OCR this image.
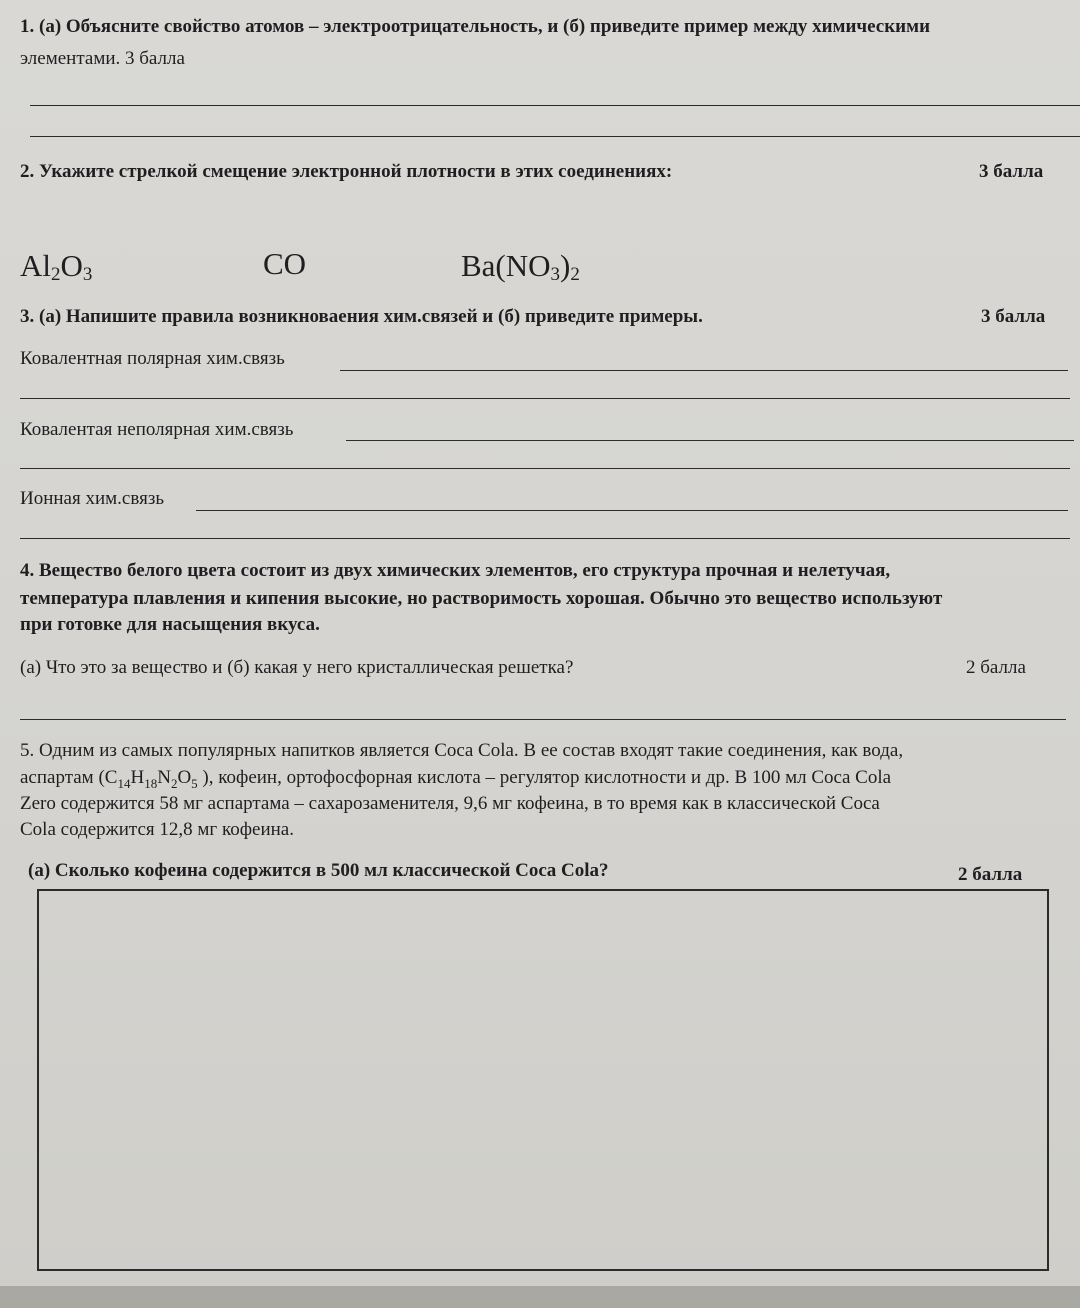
1. (а) Объясните свойство атомов – электроотрицательность, и (б) приведите пример между химическими
элементами. 3 балла
2. Укажите стрелкой смещение электронной плотности в этих соединениях:	3 балла
$Al_2O_3$	CO	$Ba(NO_3)_2$
3. (а) Напишите правила возникноваения хим.связей и (б) приведите примеры.	3 балла
Ковалентная полярная хим.связь
Ковалентая неполярная хим.связь
Ионная хим.связь
4. Вещество белого цвета состоит из двух химических элементов, его структура прочная и нелетучая,
температура плавления и кипения высокие, но растворимость хорошая. Обычно это вещество используют
при готовке для насыщения вкуса.
(а) Что это за вещество и (б) какая у него кристаллическая решетка?	2 балла
5. Одним из самых популярных напитков является Coca Cola. В ее состав входят такие соединения, как вода,
аспартам ($C_{14}H_{18}N_2O_5$ ), кофеин, ортофосфорная кислота – регулятор кислотности и др. В 100 мл Coca Cola
Zero содержится 58 мг аспартама – сахарозаменителя, 9,6 мг кофеина, в то время как в классической Coca
Cola содержится 12,8 мг кофеина.
(а) Сколько кофеина содержится в 500 мл классической Coca Cola?	2 балла
